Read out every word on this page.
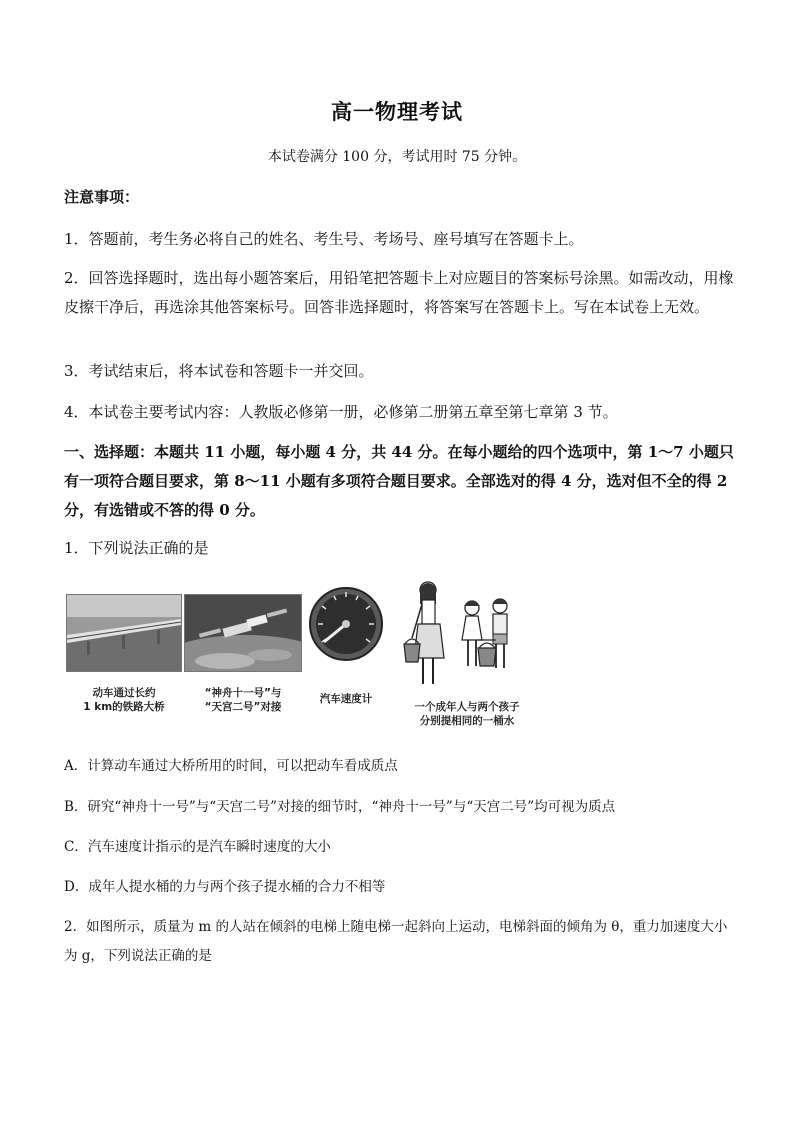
高一物理考试
本试卷满分 100 分，考试用时 75 分钟。
注意事项：
1．答题前，考生务必将自己的姓名、考生号、考场号、座号填写在答题卡上。
2．回答选择题时，选出每小题答案后，用铅笔把答题卡上对应题目的答案标号涂黑。如需改动，用橡皮擦干净后，再选涂其他答案标号。回答非选择题时，将答案写在答题卡上。写在本试卷上无效。
3．考试结束后，将本试卷和答题卡一并交回。
4．本试卷主要考试内容：人教版必修第一册，必修第二册第五章至第七章第 3 节。
一、选择题：本题共 11 小题，每小题 4 分，共 44 分。在每小题给的四个选项中，第 1～7 小题只有一项符合题目要求，第 8～11 小题有多项符合题目要求。全部选对的得 4 分，选对但不全的得 2 分，有选错或不答的得 0 分。
1．下列说法正确的是
动车通过长约
1 km的铁路大桥
“神舟十一号”与
“天宫二号”对接
汽车速度计
一个成年人与两个孩子
分别提相同的一桶水
A．计算动车通过大桥所用的时间，可以把动车看成质点
B．研究“神舟十一号”与“天宫二号”对接的细节时，“神舟十一号”与“天宫二号”均可视为质点
C．汽车速度计指示的是汽车瞬时速度的大小
D．成年人提水桶的力与两个孩子提水桶的合力不相等
2．如图所示，质量为 m 的人站在倾斜的电梯上随电梯一起斜向上运动，电梯斜面的倾角为 θ，重力加速度大小为 g，下列说法正确的是
